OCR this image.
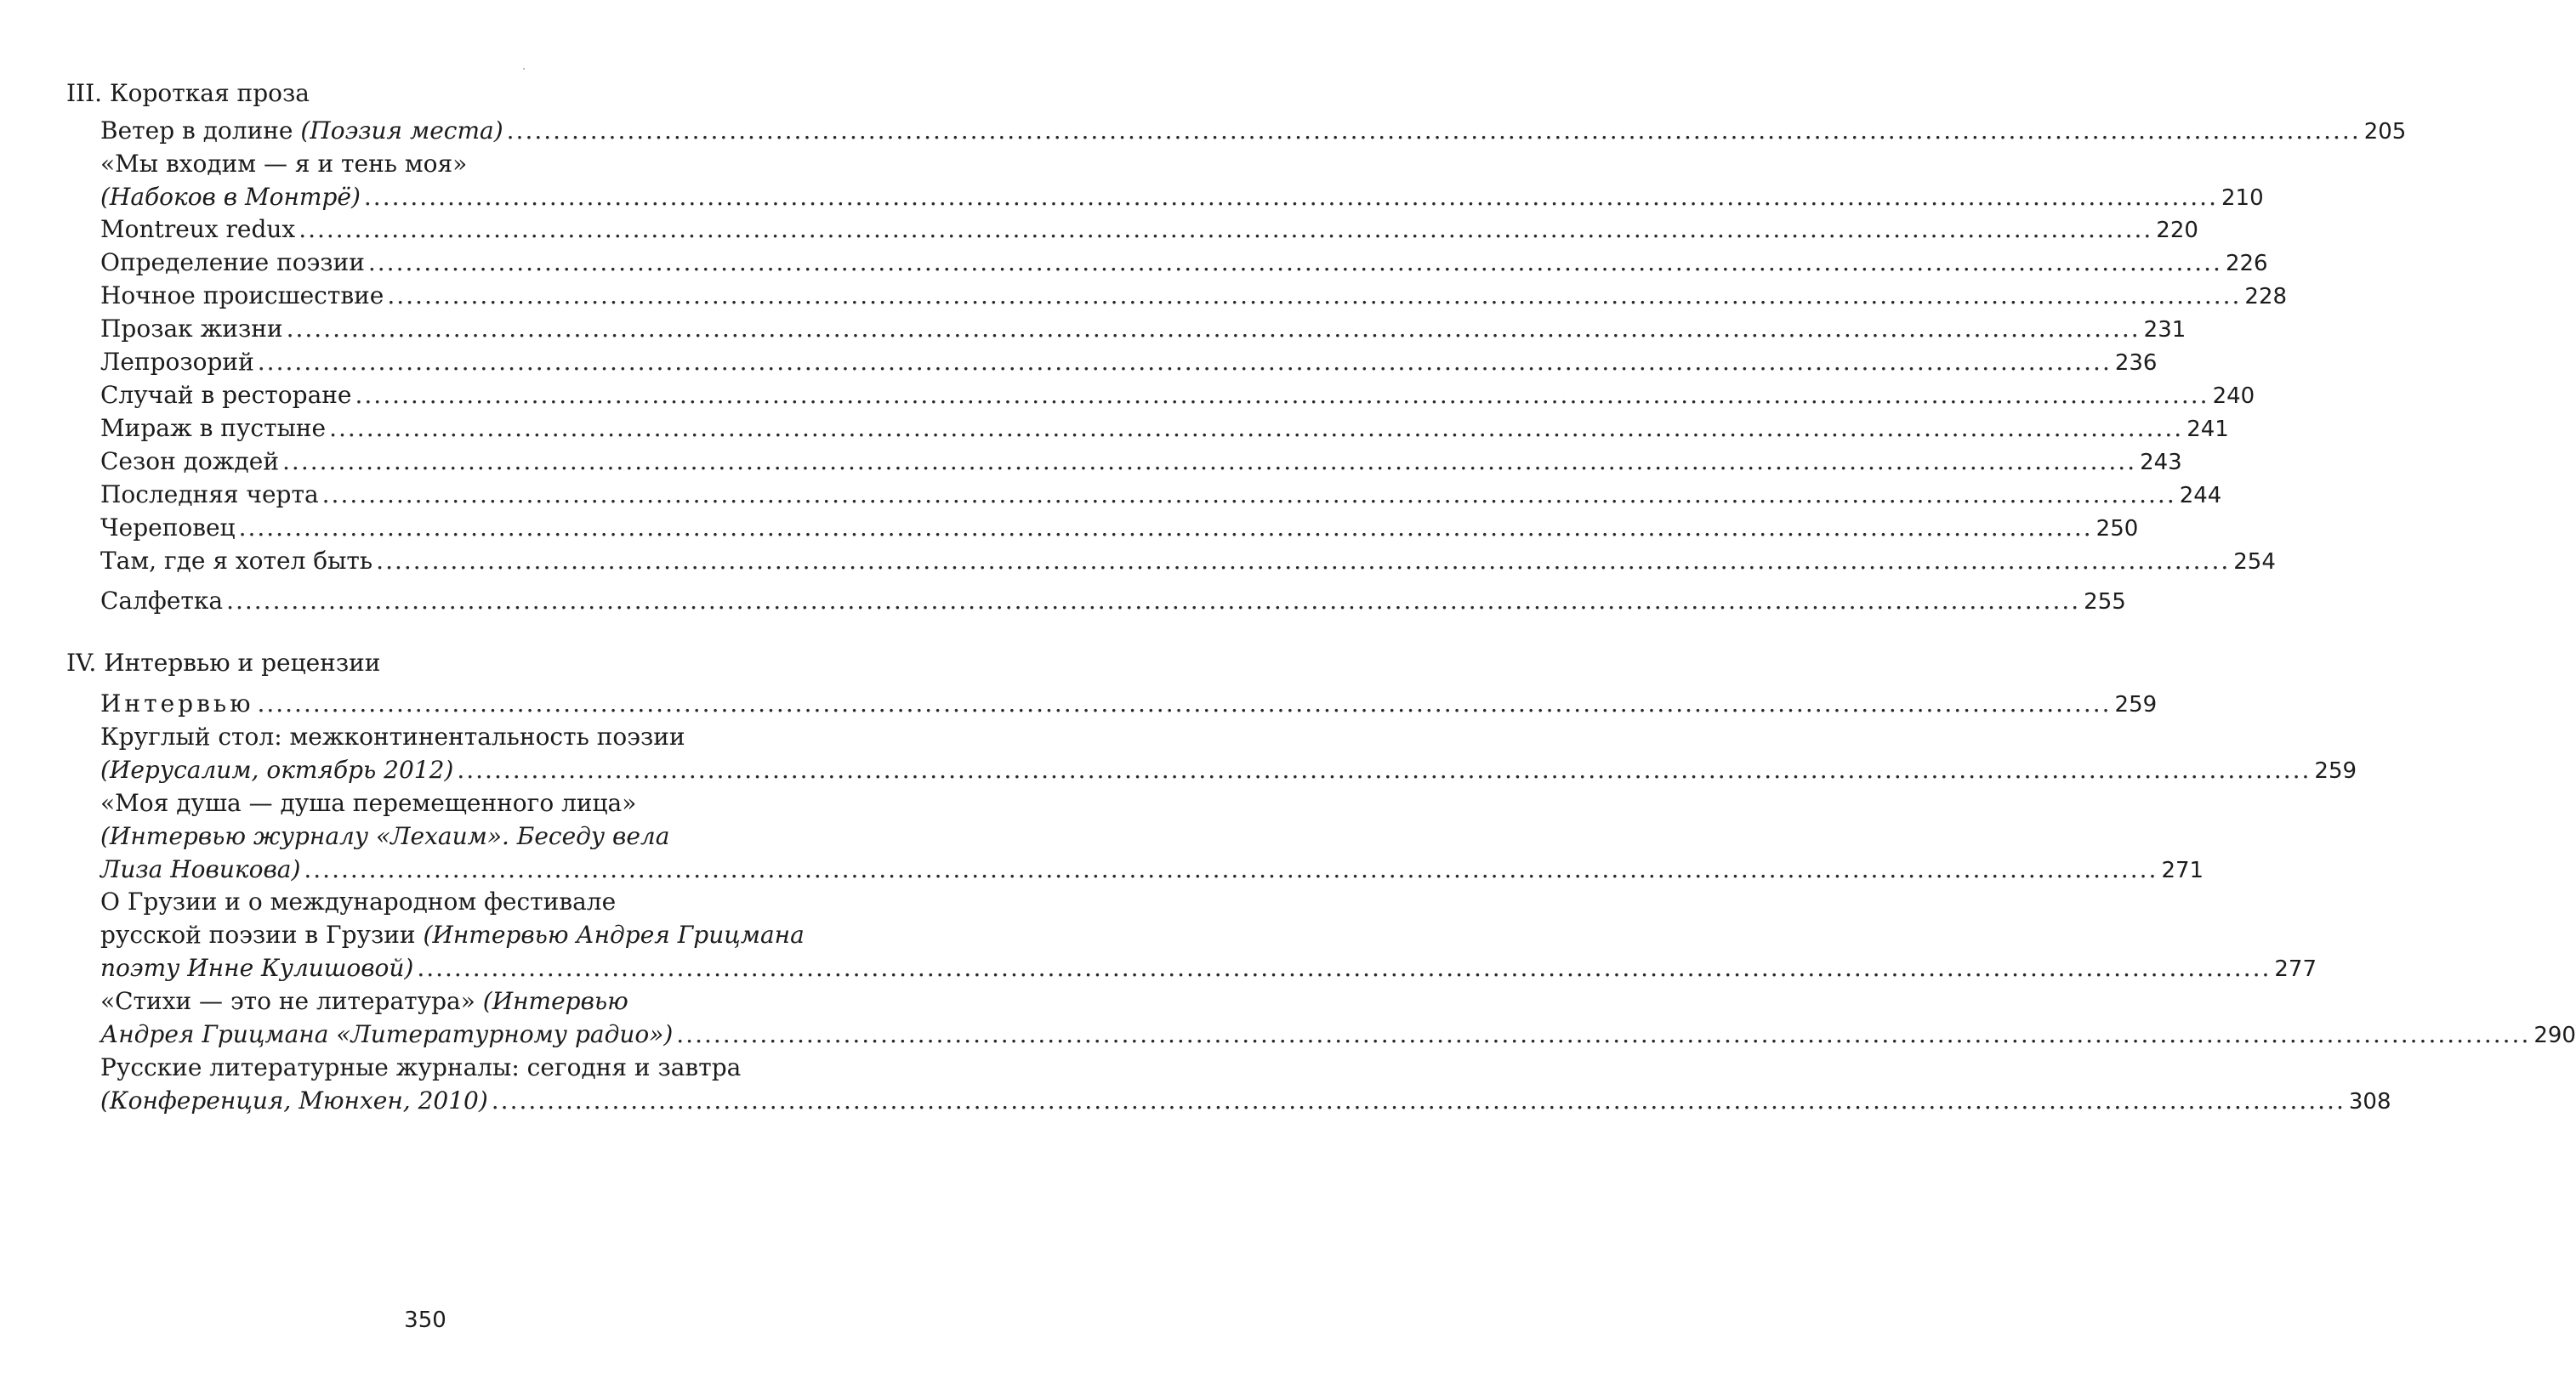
III. Короткая проза
Ветер в долине (Поэзия места) ........................................................................................................................................................................................................ 205
«Мы входим — я и тень моя»
(Набоков в Монтрё) ........................................................................................................................................................................................................ 210
Montreux redux ........................................................................................................................................................................................................ 220
Определение поэзии ........................................................................................................................................................................................................ 226
Ночное происшествие ........................................................................................................................................................................................................ 228
Прозак жизни ........................................................................................................................................................................................................ 231
Лепрозорий ........................................................................................................................................................................................................ 236
Случай в ресторане ........................................................................................................................................................................................................ 240
Мираж в пустыне ........................................................................................................................................................................................................ 241
Сезон дождей ........................................................................................................................................................................................................ 243
Последняя черта ........................................................................................................................................................................................................ 244
Череповец ........................................................................................................................................................................................................ 250
Там, где я хотел быть ........................................................................................................................................................................................................ 254
Салфетка ........................................................................................................................................................................................................ 255
IV. Интервью и рецензии
Интервью ........................................................................................................................................................................................................ 259
Круглый стол: межконтинентальность поэзии
(Иерусалим, октябрь 2012) ........................................................................................................................................................................................................ 259
«Моя душа — душа перемещенного лица»
(Интервью журналу «Лехаим». Беседу вела
Лиза Новикова) ........................................................................................................................................................................................................ 271
О Грузии и о международном фестивале
русской поэзии в Грузии (Интервью Андрея Грицмана
поэту Инне Кулишовой) ........................................................................................................................................................................................................ 277
«Стихи — это не литература» (Интервью
Андрея Грицмана «Литературному радио») ........................................................................................................................................................................................................ 290
Русские литературные журналы: сегодня и завтра
(Конференция, Мюнхен, 2010) ........................................................................................................................................................................................................ 308
350
